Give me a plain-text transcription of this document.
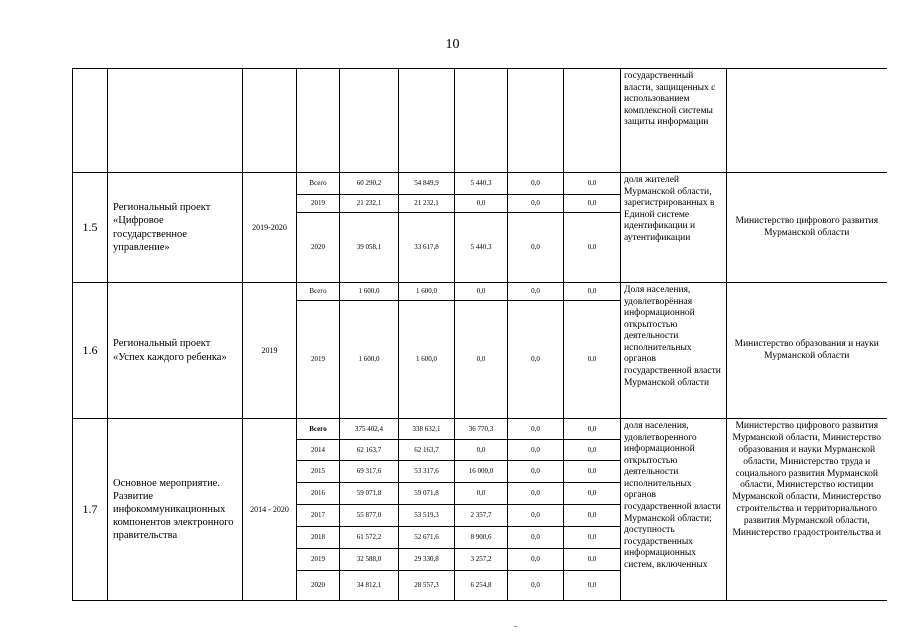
10
									государственный власти, защищенных с использованием комплексной системы защиты информации	
1.5	Региональный проект «Цифровое государственное управление»	2019-2020	Всего	60 290,2	54 849,9	5 440,3	0,0	0,0	доля жителей Мурманской области, зарегистрированных в Единой системе идентификации и аутентификации	Министерство цифрового развития Мурманской области
			2019	21 232,1	21 232,1	0,0	0,0	0,0		
			2020	39 058,1	33 617,8	5 440,3	0,0	0,0		
1.6	Региональный проект «Успех каждого ребенка»	2019	Всего	1 600,0	1 600,0	0,0	0,0	0,0	Доля населения, удовлетворённая информационной открытостью деятельности исполнительных органов государственной власти Мурманской области	Министерство образования и науки Мурманской области
			2019	1 600,0	1 600,0	0,0	0,0	0,0		
1.7	Основное мероприятие. Развитие инфокоммуникационных компонентов электронного правительства	2014 - 2020	Всего	375 402,4	338 632,1	36 770,3	0,0	0,0	доля населения, удовлетворенного информационной открытостью деятельности исполнительных органов государственной власти Мурманской области; доступность государственных информационных систем, включенных	Министерство цифрового развития Мурманской области, Министерство образования и науки Мурманской области, Министерство труда и социального развития Мурманской области, Министерство юстиции Мурманской области, Министерство строительства и территориального развития Мурманской области, Министерство градостроительства и
			2014	62 163,7	62 163,7	0,0	0,0	0,0		
			2015	69 317,6	53 317,6	16 000,0	0,0	0,0		
			2016	59 071,8	59 071,8	0,0	0,0	0,0		
			2017	55 877,0	53 519,3	2 357,7	0,0	0,0		
			2018	61 572,2	52 671,6	8 900,6	0,0	0,0		
			2019	32 588,0	29 330,8	3 257,2	0,0	0,0		
			2020	34 812,1	28 557,3	6 254,8	0,0	0,0		
